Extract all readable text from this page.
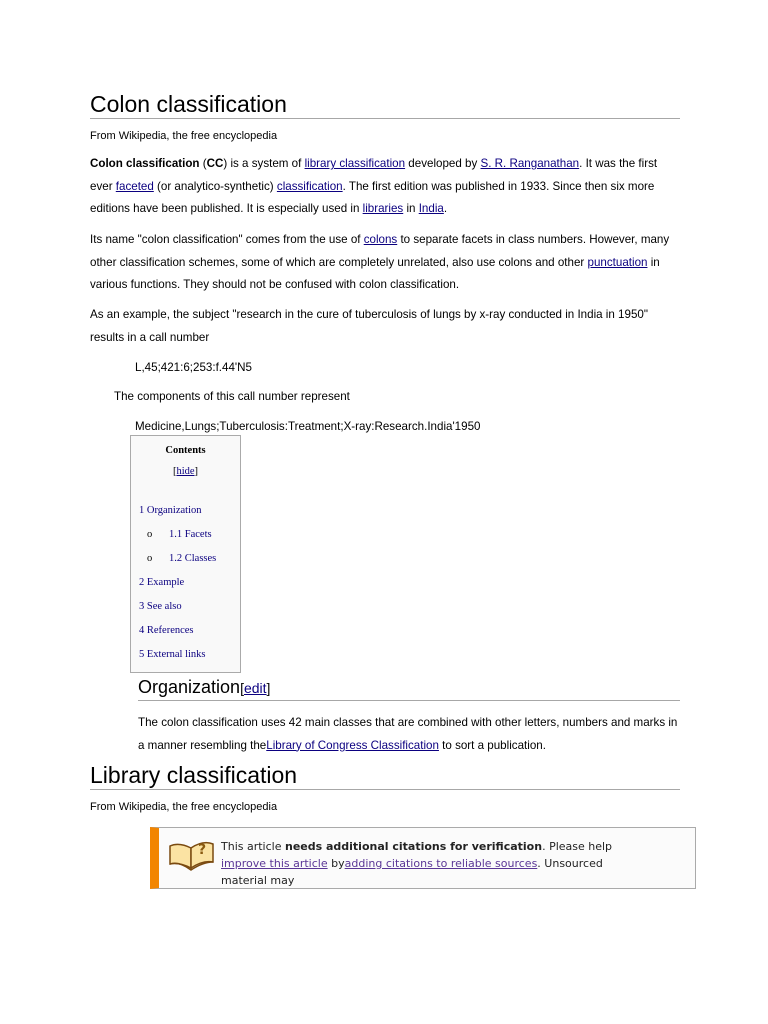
Colon classification
From Wikipedia, the free encyclopedia
Colon classification (CC) is a system of library classification developed by S. R. Ranganathan. It was the first ever faceted (or analytico-synthetic) classification. The first edition was published in 1933. Since then six more editions have been published. It is especially used in libraries in India.
Its name "colon classification" comes from the use of colons to separate facets in class numbers. However, many other classification schemes, some of which are completely unrelated, also use colons and other punctuation in various functions. They should not be confused with colon classification.
As an example, the subject "research in the cure of tuberculosis of lungs by x-ray conducted in India in 1950" results in a call number
L,45;421:6;253:f.44'N5
The components of this call number represent
Medicine,Lungs;Tuberculosis:Treatment;X-ray:Research.India'1950
Contents
[hide]
1 Organization
o 1.1 Facets
o 1.2 Classes
2 Example
3 See also
4 References
5 External links
Organization[edit]
The colon classification uses 42 main classes that are combined with other letters, numbers and marks in a manner resembling theLibrary of Congress Classification to sort a publication.
Library classification
From Wikipedia, the free encyclopedia
? This article needs additional citations for verification. Please help improve this article byadding citations to reliable sources. Unsourced material may
